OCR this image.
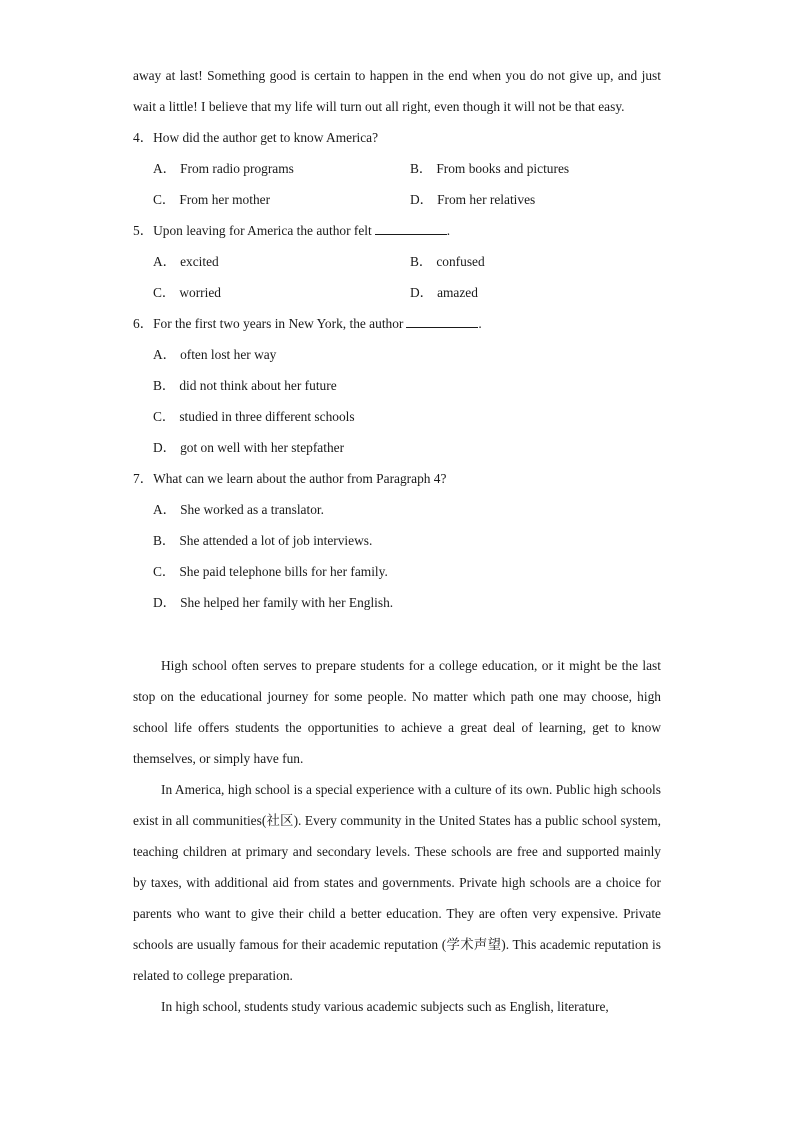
away at last! Something good is certain to happen in the end when you do not give up, and just wait a little! I believe that my life will turn out all right, even though it will not be that easy.

4．How did the author get to know America?

A． From radio programs	B． From books and pictures
C． From her mother	D． From her relatives

5．Upon leaving for America the author felt	.

A． excited	B． confused
C． worried	D． amazed

6．For the first two years in New York, the author	.

A． often lost her way
B． did not think about her future
C． studied in three different schools
D． got on well with her stepfather

7．What can we learn about the author from Paragraph 4?

A． She worked as a translator.
B． She attended a lot of job interviews.
C． She paid telephone bills for her family.
D． She helped her family with her English.

High school often serves to prepare students for a college education, or it might be the last stop on the educational journey for some people. No matter which path one may choose, high school life offers students the opportunities to achieve a great deal of learning, get to know themselves, or simply have fun.

In America, high school is a special experience with a culture of its own. Public high schools exist in all communities(社区). Every community in the United States has a public school system, teaching children at primary and secondary levels. These schools are free and supported mainly by taxes, with additional aid from states and governments. Private high schools are a choice for parents who want to give their child a better education. They are often very expensive. Private schools are usually famous for their academic reputation (学术声望). This academic reputation is related to college preparation.

In high school, students study various academic subjects such as English, literature,
